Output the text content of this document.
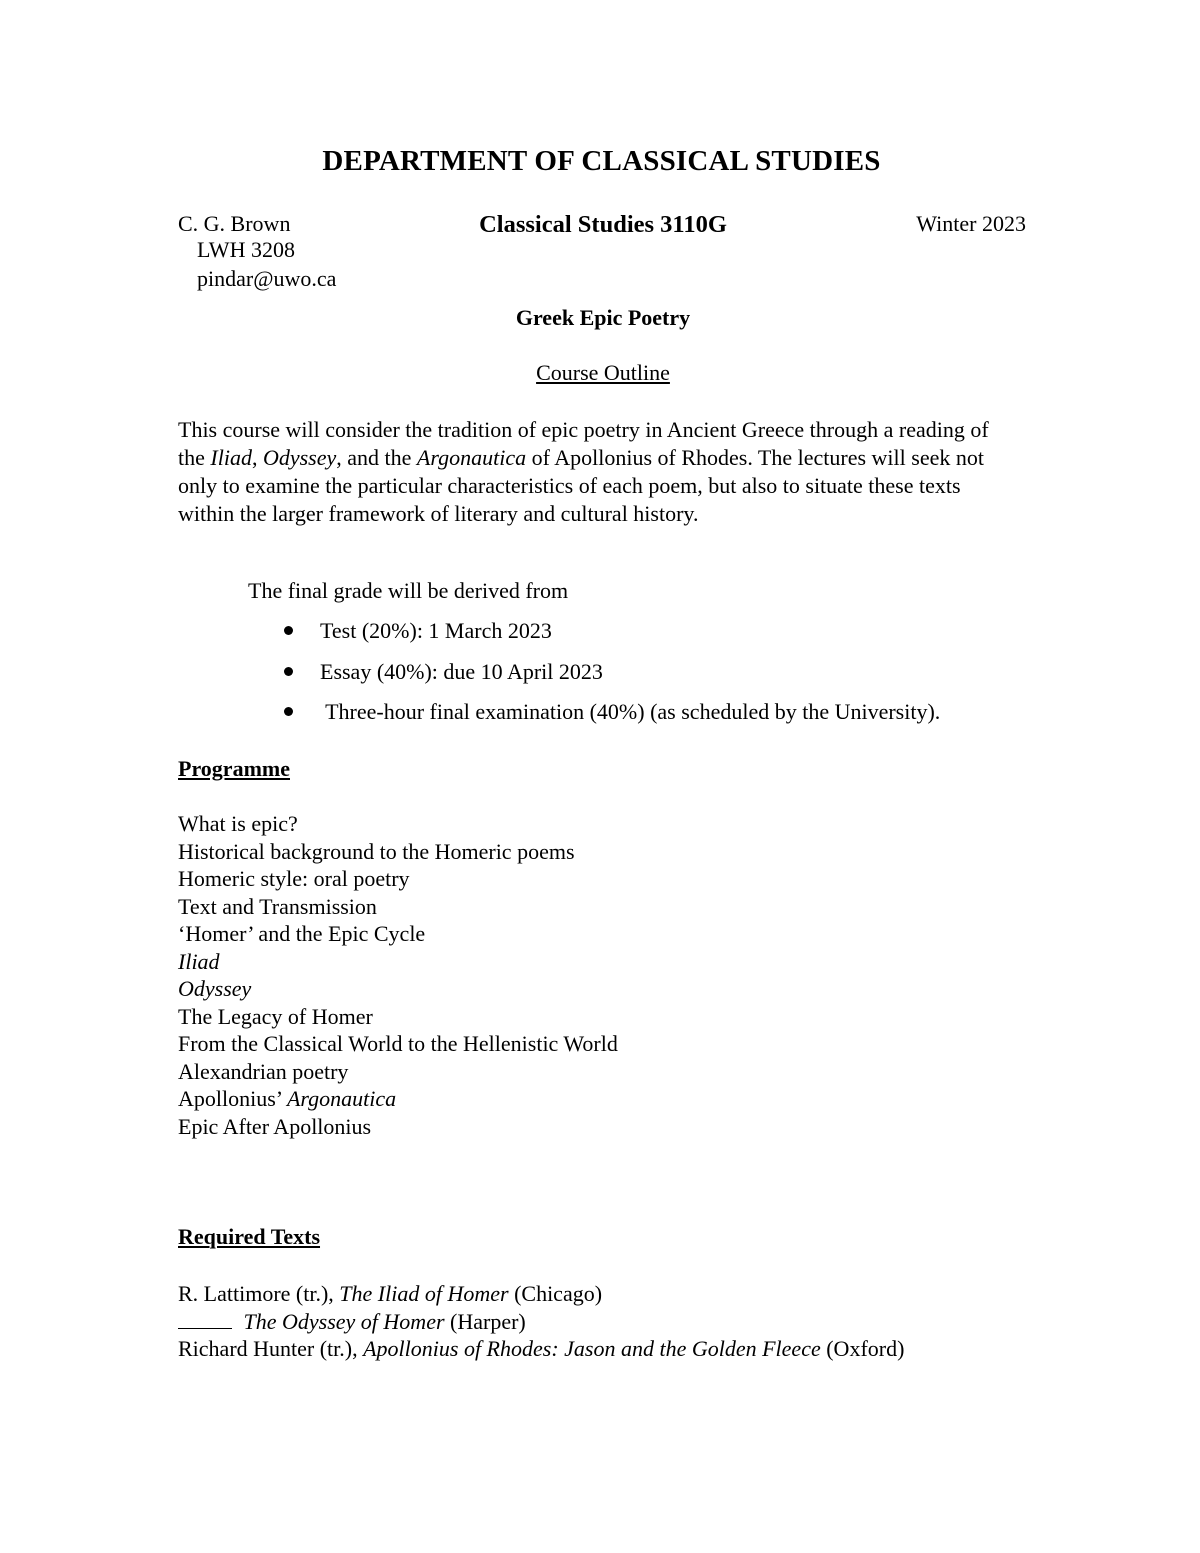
DEPARTMENT OF CLASSICAL STUDIES
C. G. Brown
LWH 3208
pindar@uwo.ca
Classical Studies 3110G	Winter 2023
Greek Epic Poetry
Course Outline
This course will consider the tradition of epic poetry in Ancient Greece through a reading of the Iliad, Odyssey, and the Argonautica of Apollonius of Rhodes. The lectures will seek not only to examine the particular characteristics of each poem, but also to situate these texts within the larger framework of literary and cultural history.
The final grade will be derived from
Test (20%): 1 March 2023
Essay (40%): due 10 April 2023
Three-hour final examination (40%) (as scheduled by the University).
Programme
What is epic?
Historical background to the Homeric poems
Homeric style: oral poetry
Text and Transmission
‘Homer’ and the Epic Cycle
Iliad
Odyssey
The Legacy of Homer
From the Classical World to the Hellenistic World
Alexandrian poetry
Apollonius’ Argonautica
Epic After Apollonius
Required Texts
R. Lattimore (tr.), The Iliad of Homer (Chicago)
The Odyssey of Homer (Harper)
Richard Hunter (tr.), Apollonius of Rhodes: Jason and the Golden Fleece (Oxford)
